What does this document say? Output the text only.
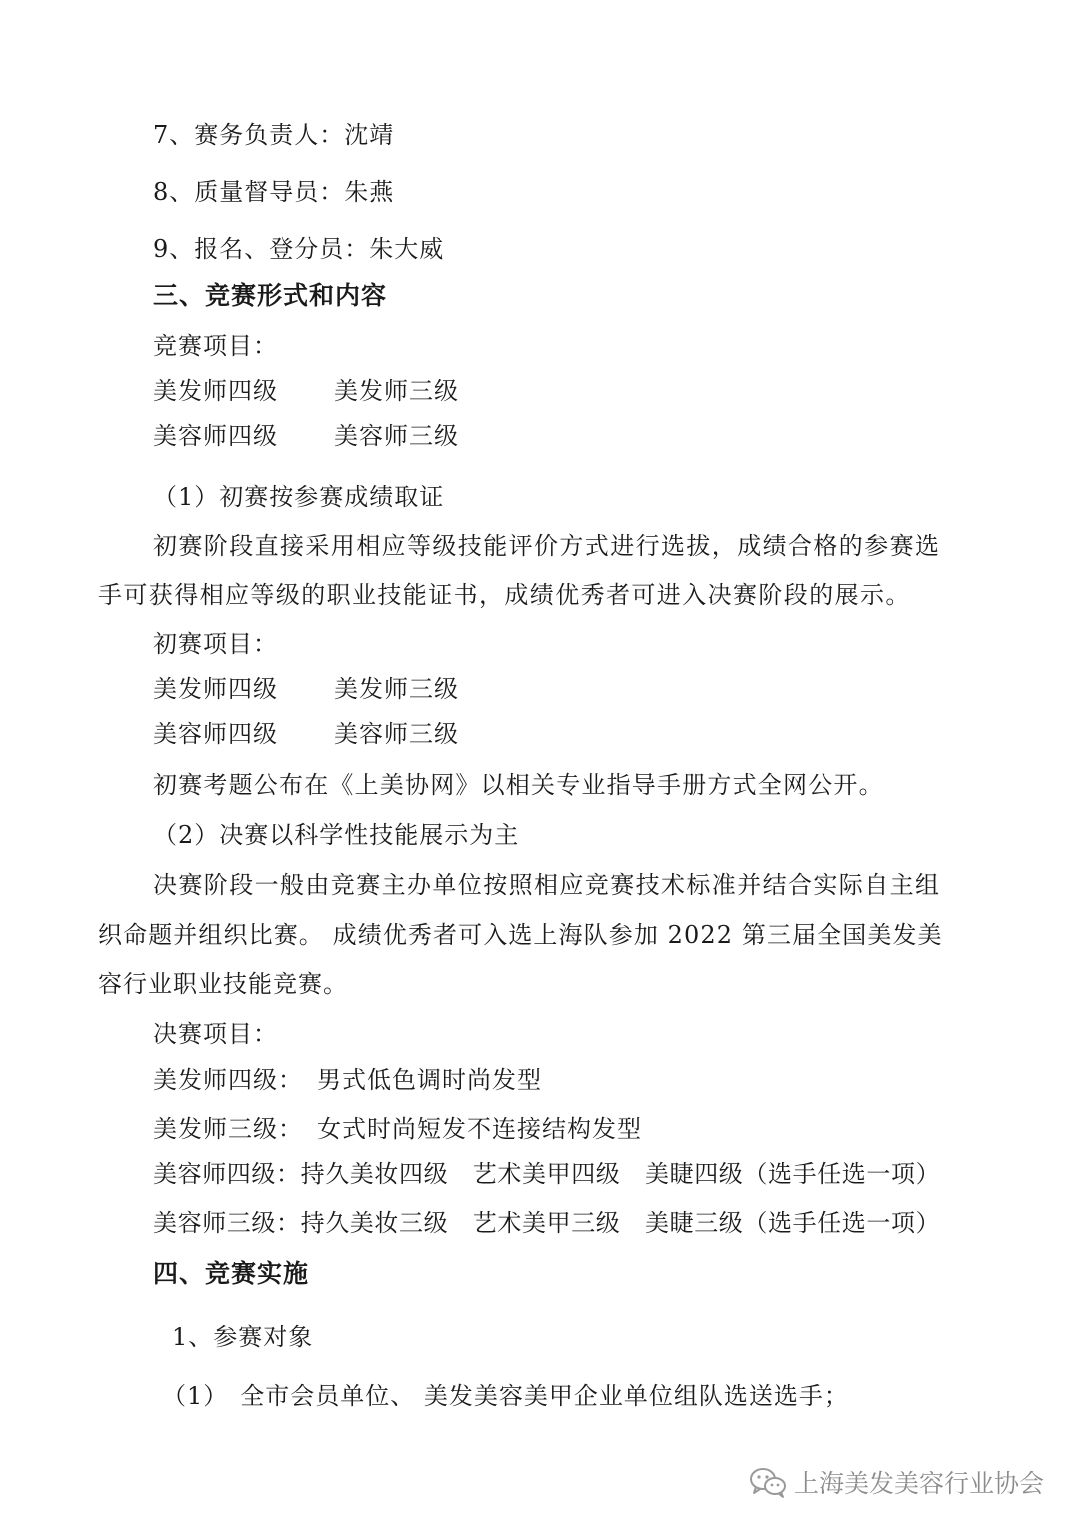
7、赛务负责人：沈靖
8、质量督导员：朱燕
9、报名、登分员：朱大威
三、竞赛形式和内容
竞赛项目：
美发师四级 美发师三级
美容师四级 美容师三级
（1）初赛按参赛成绩取证
初赛阶段直接采用相应等级技能评价方式进行选拔，成绩合格的参赛选
手可获得相应等级的职业技能证书，成绩优秀者可进入决赛阶段的展示。
初赛项目：
美发师四级 美发师三级
美容师四级 美容师三级
初赛考题公布在《上美协网》以相关专业指导手册方式全网公开。
（2）决赛以科学性技能展示为主
决赛阶段一般由竞赛主办单位按照相应竞赛技术标准并结合实际自主组
织命题并组织比赛。 成绩优秀者可入选上海队参加 2022 第三届全国美发美
容行业职业技能竞赛。
决赛项目：
美发师四级： 男式低色调时尚发型
美发师三级： 女式时尚短发不连接结构发型
美容师四级：持久美妆四级　艺术美甲四级　美睫四级（选手任选一项）
美容师三级：持久美妆三级　艺术美甲三级　美睫三级（选手任选一项）
四、竞赛实施
1、参赛对象
（1） 全市会员单位、 美发美容美甲企业单位组队选送选手；
上海美发美容行业协会
